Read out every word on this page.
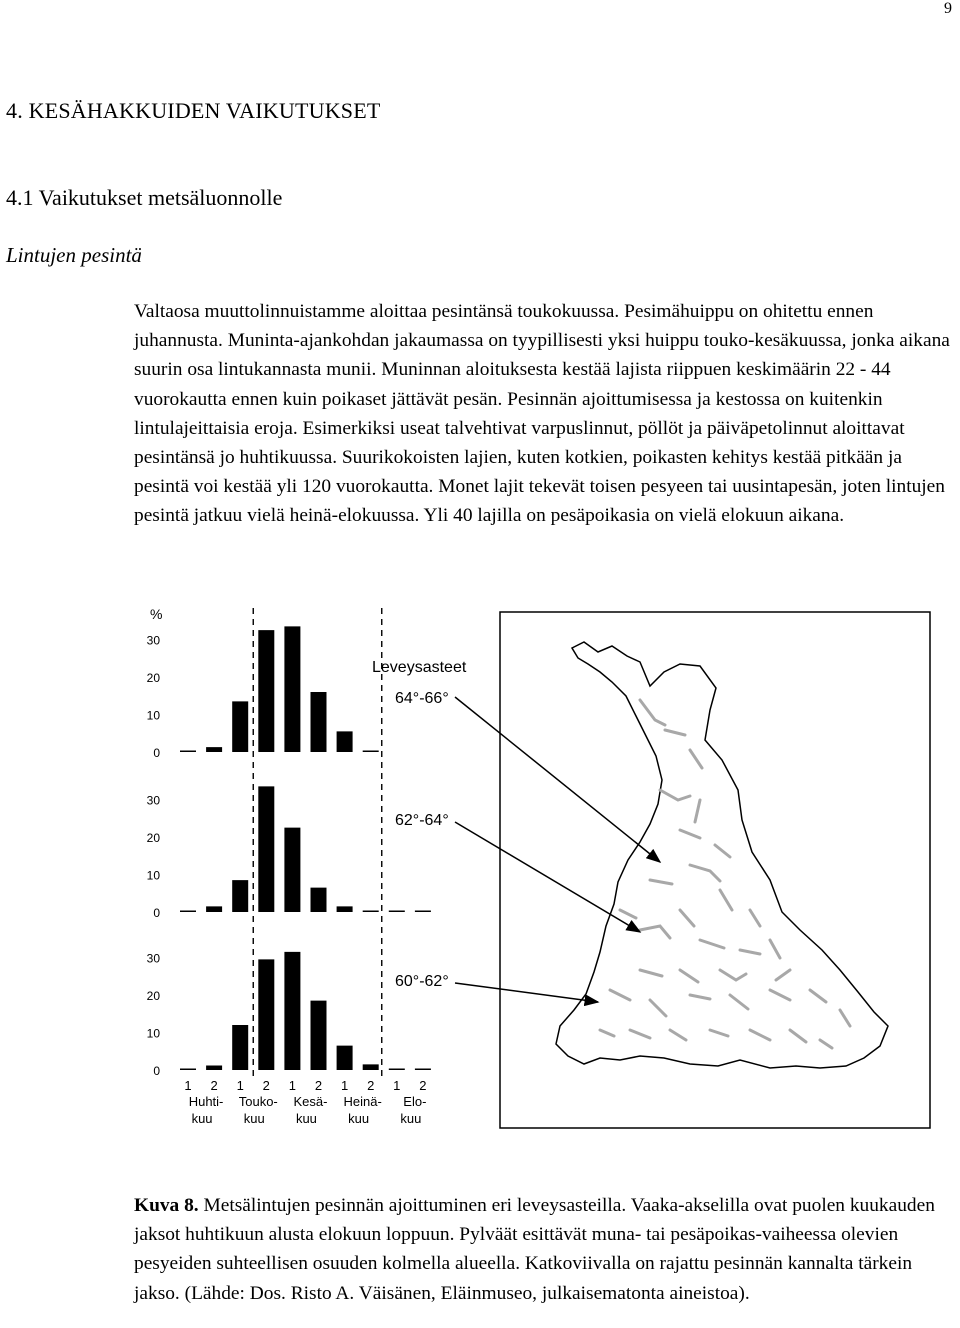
9
4. KESÄHAKKUIDEN VAIKUTUKSET
4.1 Vaikutukset metsäluonnolle
Lintujen pesintä

Valtaosa muuttolinnuistamme aloittaa pesintänsä toukokuussa. Pesimähuippu on ohitettu ennen juhannusta. Muninta-ajankohdan jakaumassa on tyypillisesti yksi huippu touko-kesäkuussa, jonka aikana suurin osa lintukannasta munii. Muninnan aloituksesta kestää lajista riippuen keskimäärin 22 - 44 vuorokautta ennen kuin poikaset jättävät pesän. Pesinnän ajoittumisessa ja kestossa on kuitenkin lintulajeittaisia eroja. Esimerkiksi useat talvehtivat varpuslinnut, pöllöt ja päiväpetolinnut aloittavat pesintänsä jo huhtikuussa. Suurikokoisten lajien, kuten kotkien, poikasten kehitys kestää pitkään ja pesintä voi kestää yli 120 vuorokautta. Monet lajit tekevät toisen pesyeen tai uusintapesän, joten lintujen pesintä jatkuu vielä heinä-elokuussa. Yli 40 lajilla on pesäpoikasia on vielä elokuun aikana.

0
10
20
30
0
10
20
30
0
10
20
30
%
1 2 1 2 1 2 1 2 1 2
Huhti-
kuu
Touko-
kuu
Kesä-
kuu
Heinä-
kuu
Elo-
kuu
Leveysasteet
64°-66°
62°-64°
60°-62°
Kuva 8. Metsälintujen pesinnän ajoittuminen eri leveysasteilla. Vaaka-akselilla ovat puolen kuukauden jaksot huhtikuun alusta elokuun loppuun. Pylväät esittävät muna- tai pesäpoikas-vaiheessa olevien pesyeiden suhteellisen osuuden kolmella alueella. Katkoviivalla on rajattu pesinnän kannalta tärkein jakso. (Lähde: Dos. Risto A. Väisänen, Eläinmuseo, julkaisematonta aineistoa).
